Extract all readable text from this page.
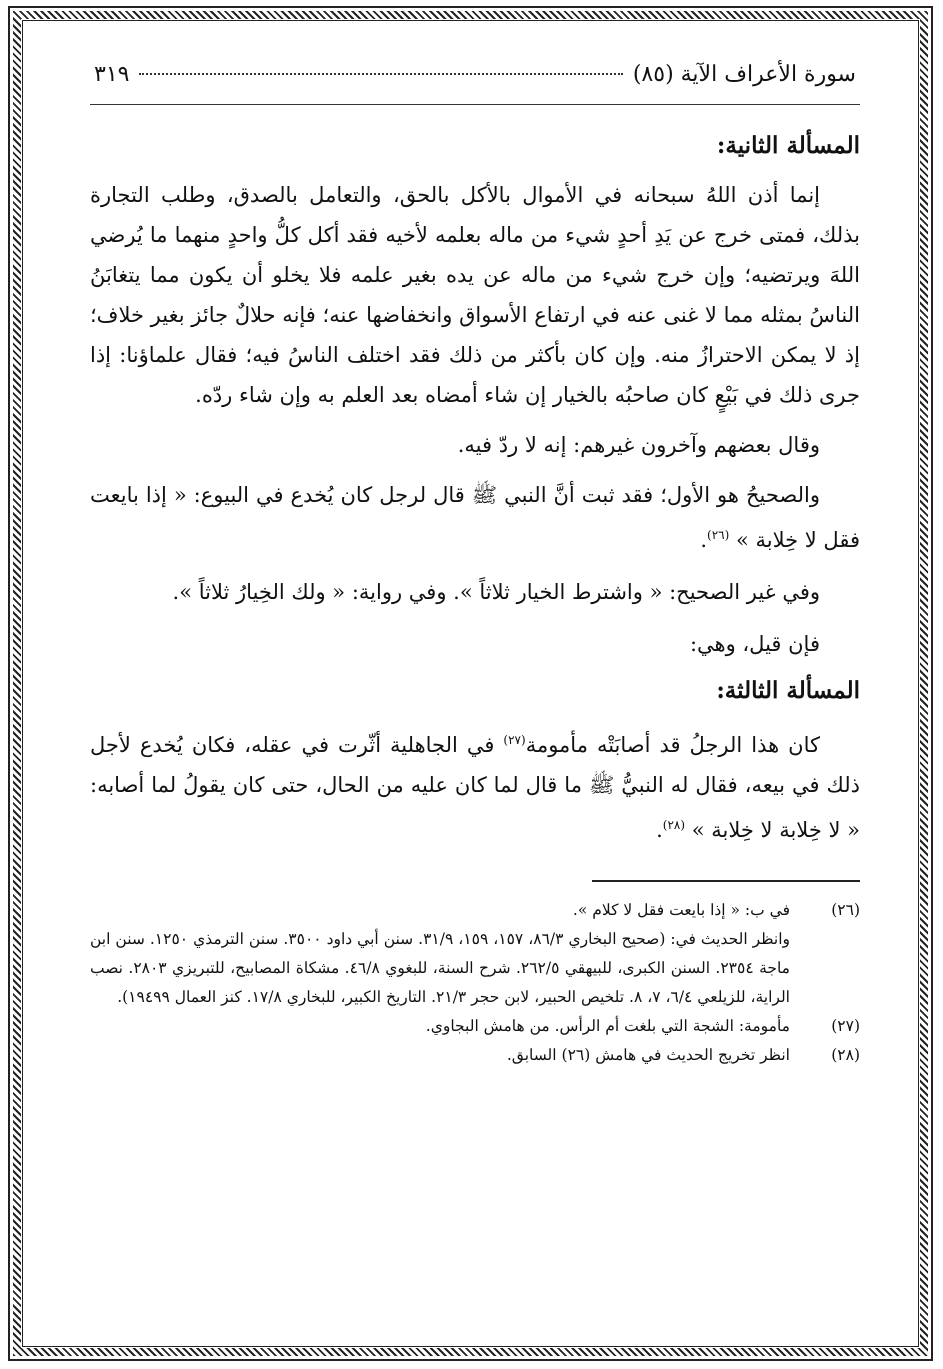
سورة الأعراف الآية (٨٥)
٣١٩
المسألة الثانية:

إنما أذن اللهُ سبحانه في الأموال بالأكل بالحق، والتعامل بالصدق، وطلب التجارة بذلك، فمتى خرج عن يَدِ أحدٍ شيء من ماله بعلمه لأخيه فقد أكل كلُّ واحدٍ منهما ما يُرضي اللهَ ويرتضيه؛ وإن خرج شيء من ماله عن يده بغير علمه فلا يخلو أن يكون مما يتغابَنُ الناسُ بمثله مما لا غنى عنه في ارتفاع الأسواق وانخفاضها عنه؛ فإنه حلالٌ جائز بغير خلاف؛ إذ لا يمكن الاحترازُ منه. وإن كان بأكثر من ذلك فقد اختلف الناسُ فيه؛ فقال علماؤنا: إذا جرى ذلك في بَيْعٍ كان صاحبُه بالخيار إن شاء أمضاه بعد العلم به وإن شاء ردّه.

وقال بعضهم وآخرون غيرهم: إنه لا ردّ فيه.

والصحيحُ هو الأول؛ فقد ثبت أنَّ النبي ﷺ قال لرجل كان يُخدع في البيوع: « إذا بايعت فقل لا خِلابة » $^{(٢٦)}$.

وفي غير الصحيح: « واشترط الخيار ثلاثاً ». وفي رواية: « ولك الخِيارُ ثلاثاً ».

فإن قيل، وهي:

المسألة الثالثة:

كان هذا الرجلُ قد أصابَتْه مأمومة$^{(٢٧)}$ في الجاهلية أثّرت في عقله، فكان يُخدع لأجل ذلك في بيعه، فقال له النبيُّ ﷺ ما قال لما كان عليه من الحال، حتى كان يقولُ لما أصابه: « لا خِلابة لا خِلابة » $^{(٢٨)}$.

(٢٦)
في ب: « إذا بايعت فقل لا كلام ».
وانظر الحديث في: (صحيح البخاري ٨٦/٣، ١٥٧، ١٥٩، ٣١/٩. سنن أبي داود ٣٥٠٠. سنن الترمذي ١٢٥٠. سنن ابن ماجة ٢٣٥٤. السنن الكبرى، للبيهقي ٢٦٢/٥. شرح السنة، للبغوي ٤٦/٨. مشكاة المصابيح، للتبريزي ٢٨٠٣. نصب الراية، للزيلعي ٦/٤، ٧، ٨. تلخيص الحبير، لابن حجر ٢١/٣. التاريخ الكبير، للبخاري ١٧/٨. كنز العمال ١٩٤٩٩).
(٢٧)
مأمومة: الشجة التي بلغت أم الرأس. من هامش البجاوي.
(٢٨)
انظر تخريج الحديث في هامش (٢٦) السابق.
